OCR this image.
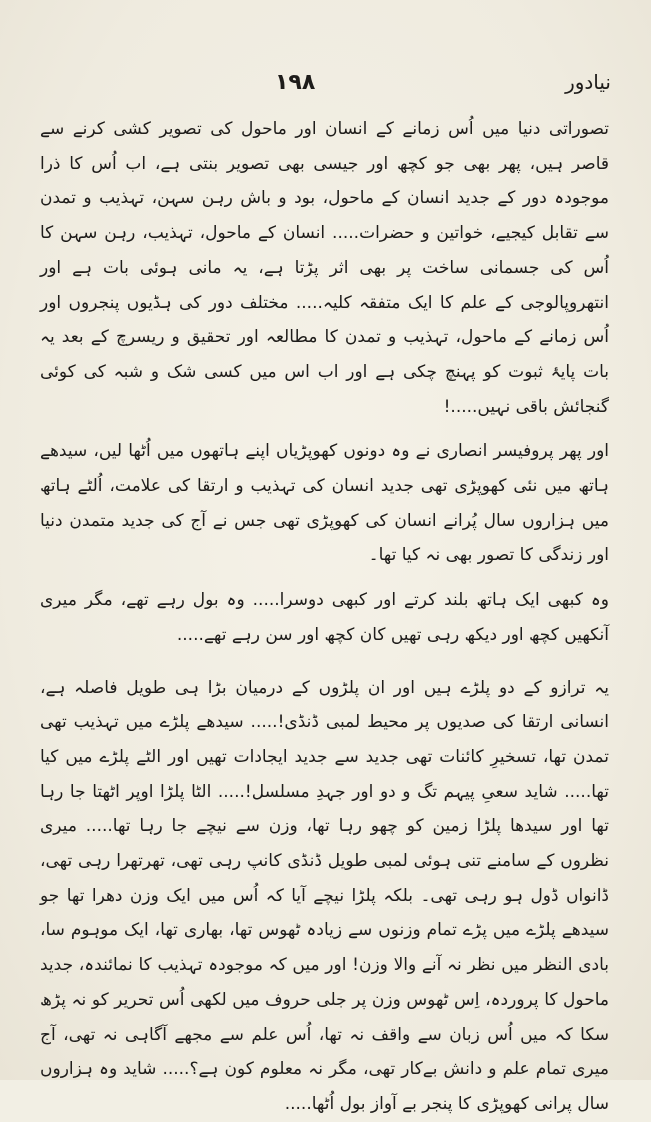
نیادور
۱۹۸

تصوراتی دنیا میں اُس زمانے کے انسان اور ماحول کی تصویر کشی کرنے سے قاصر ہیں، پھر بھی جو کچھ اور جیسی بھی تصویر بنتی ہے، اب اُس کا ذرا موجودہ دور کے جدید انسان کے ماحول، بود و باش رہن سہن، تہذیب و تمدن سے تقابل کیجیے، خواتین و حضرات..... انسان کے ماحول، تہذیب، رہن سہن کا اُس کی جسمانی ساخت پر بھی اثر پڑتا ہے، یہ مانی ہوئی بات ہے اور انتھروپالوجی کے علم کا ایک متفقہ کلیہ..... مختلف دور کی ہڈیوں پنجروں اور اُس زمانے کے ماحول، تہذیب و تمدن کا مطالعہ اور تحقیق و ریسرچ کے بعد یہ بات پایۂ ثبوت کو پہنچ چکی ہے اور اب اس میں کسی شک و شبہ کی کوئی گنجائش باقی نہیں.....!

اور پھر پروفیسر انصاری نے وہ دونوں کھوپڑیاں اپنے ہاتھوں میں اُٹھا لیں، سیدھے ہاتھ میں نئی کھوپڑی تھی جدید انسان کی تہذیب و ارتقا کی علامت، اُلٹے ہاتھ میں ہزاروں سال پُرانے انسان کی کھوپڑی تھی جس نے آج کی جدید متمدن دنیا اور زندگی کا تصور بھی نہ کیا تھا۔

وہ کبھی ایک ہاتھ بلند کرتے اور کبھی دوسرا..... وہ بول رہے تھے، مگر میری آنکھیں کچھ اور دیکھ رہی تھیں کان کچھ اور سن رہے تھے.....

یہ ترازو کے دو پلڑے ہیں اور ان پلڑوں کے درمیان بڑا ہی طویل فاصلہ ہے، انسانی ارتقا کی صدیوں پر محیط لمبی ڈنڈی!..... سیدھے پلڑے میں تہذیب تھی تمدن تھا، تسخیرِ کائنات تھی جدید سے جدید ایجادات تھیں اور الٹے پلڑے میں کیا تھا..... شاید سعیِ پیہم تگ و دو اور جہدِ مسلسل!..... الٹا پلڑا اوپر اٹھتا جا رہا تھا اور سیدھا پلڑا زمین کو چھو رہا تھا، وزن سے نیچے جا رہا تھا..... میری نظروں کے سامنے تنی ہوئی لمبی طویل ڈنڈی کانپ رہی تھی، تھرتھرا رہی تھی، ڈانواں ڈول ہو رہی تھی۔ بلکہ پلڑا نیچے آیا کہ اُس میں ایک وزن دھرا تھا جو سیدھے پلڑے میں پڑے تمام وزنوں سے زیادہ ٹھوس تھا، بھاری تھا، ایک موہوم سا، بادی النظر میں نظر نہ آنے والا وزن! اور میں کہ موجودہ تہذیب کا نمائندہ، جدید ماحول کا پروردہ، اِس ٹھوس وزن پر جلی حروف میں لکھی اُس تحریر کو نہ پڑھ سکا کہ میں اُس زبان سے واقف نہ تھا، اُس علم سے مجھے آگاہی نہ تھی، آج میری تمام علم و دانش بےکار تھی، مگر نہ معلوم کون ہے؟..... شاید وہ ہزاروں سال پرانی کھوپڑی کا پنجر بے آواز بول اُٹھا.....
